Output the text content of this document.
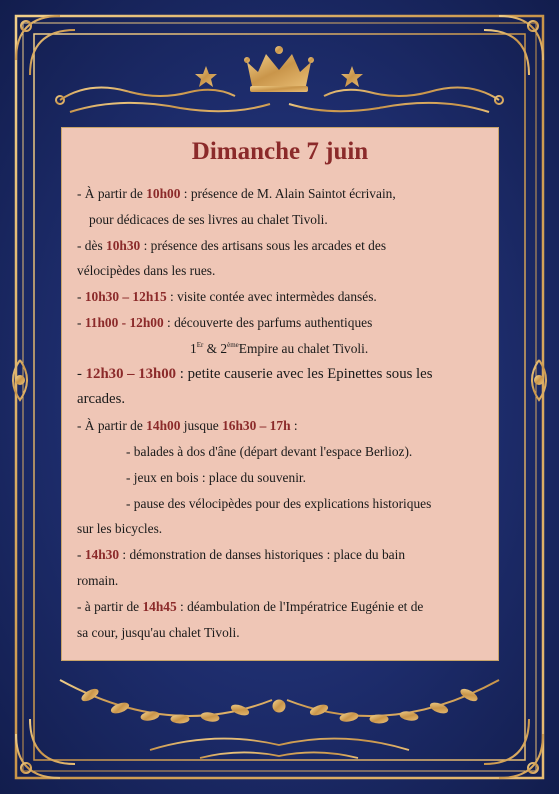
Dimanche 7 juin
- À partir de 10h00 : présence de M. Alain Saintot écrivain,
pour dédicaces de ses livres au chalet Tivoli.
- dès 10h30 : présence des artisans sous les arcades et des
vélocipèdes dans les rues.
- 10h30 – 12h15 : visite contée avec intermèdes dansés.
- 11h00 - 12h00 : découverte des parfums authentiques
1Er & 2èmeEmpire au chalet Tivoli.
- 12h30 – 13h00 : petite causerie avec les Epinettes sous les
arcades.
- À partir de 14h00 jusque 16h30 – 17h :
- balades à dos d'âne (départ devant l'espace Berlioz).
- jeux en bois : place du souvenir.
- pause des vélocipèdes pour des explications historiques
sur les bicycles.
- 14h30 : démonstration de danses historiques : place du bain
romain.
- à partir de 14h45 : déambulation de l'Impératrice Eugénie et de
sa cour, jusqu'au chalet Tivoli.
